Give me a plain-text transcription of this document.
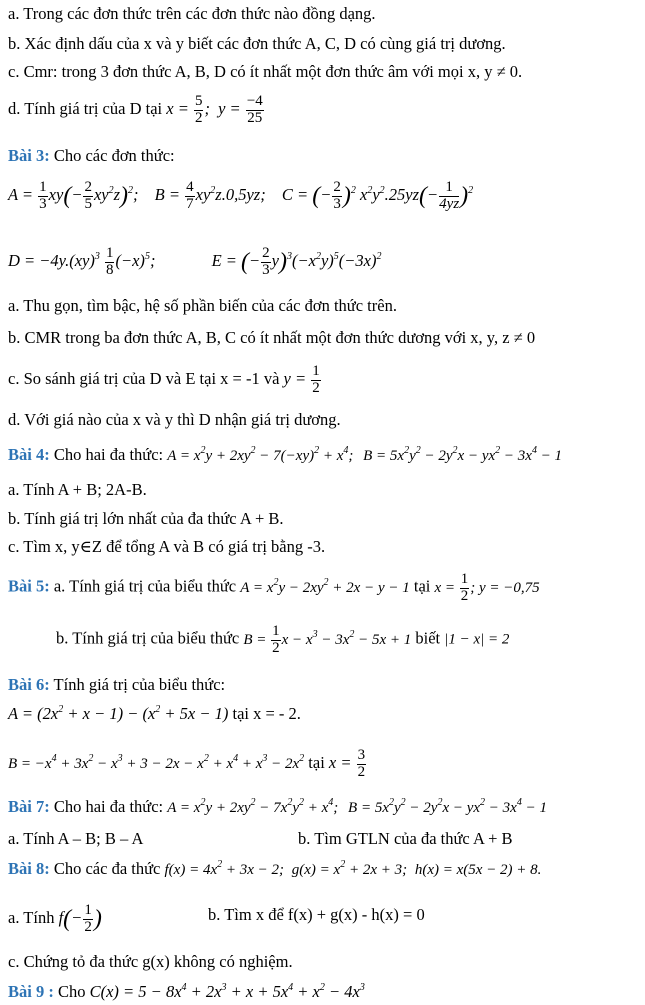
a. Trong các đơn thức trên các đơn thức nào đồng dạng.
b. Xác định dấu của x và y biết các đơn thức A, C, D có cùng giá trị dương.
c. Cmr: trong 3 đơn thức A, B, D có ít nhất một đơn thức âm với mọi x, y ≠ 0.
d. Tính giá trị của D tại $x = \frac{5}{2}$ ; $y = \frac{-4}{25}$
Bài 3: Cho các đơn thức:
$A = \frac{1}{3} xy(- \frac{2}{5} xy^2z)^2$; $B = \frac{4}{7} xy^2z.0,5yz$; C = (− $\frac{2}{3} )^2$ $x^2y^2.25yz(- \frac{1}{4yz} )^2$
$D = -4y.(xy)^3 \frac{1}{8} (-x)^5$;	E = (− $\frac{2}{3} y)^3(-x^2y)^5(-3x)^2$
a. Thu gọn, tìm bậc, hệ số phần biến của các đơn thức trên.
b. CMR trong ba đơn thức A, B, C có ít nhất một đơn thức dương với x, y, z ≠ 0
c. So sánh giá trị của D và E tại x = -1 và $y = \frac{1}{2}$
d. Với giá nào của x và y thì D nhận giá trị dương.
Bài 4: Cho hai đa thức: $A = x^2y + 2xy^2 - 7(-xy)^2 + x^4$; $B = 5x^2y^2 - 2y^2x - yx^2 - 3x^4 - 1$
a. Tính A + B; 2A-B.
b. Tính giá trị lớn nhất của đa thức A + B.
c. Tìm x, y∈Z để tổng A và B có giá trị bằng -3.
Bài 5: a. Tính giá trị của biểu thức $A = x^2y - 2xy^2 + 2x - y - 1$ tại $x = \frac{1}{2}$ ; y = −0,75
b. Tính giá trị của biểu thức $B = \frac{1}{2}$ $x - x^3 - 3x^2 - 5x + 1$ biết |1 − x| = 2
Bài 6: Tính giá trị của biểu thức:
$A = (2x^2 + x - 1) - (x^2 + 5x - 1)$ tại x = - 2.
$B = -x^4 + 3x^2 - x^3 + 3 - 2x - x^2 + x^4 + x^3 - 2x^2$ tại $x = \frac{3}{2}$
Bài 7: Cho hai đa thức: $A = x^2y + 2xy^2 - 7x^2y^2 + x^4$; $B = 5x^2y^2 - 2y^2x - yx^2 - 3x^4 - 1$
a. Tính A – B; B – A	b. Tìm GTLN của đa thức A + B
Bài 8: Cho các đa thức $f(x) = 4x^2 + 3x - 2$; $g(x) = x^2 + 2x + 3$; h(x) = x(5x − 2) + 8.
a. Tính $f(- \frac{1}{2}$ )	b. Tìm x để f(x) + g(x) - h(x) = 0
c. Chứng tỏ đa thức g(x) không có nghiệm.
Bài 9 : Cho $C(x) = 5 - 8x^4 + 2x^3 + x + 5x^4 + x^2 - 4x^3$
